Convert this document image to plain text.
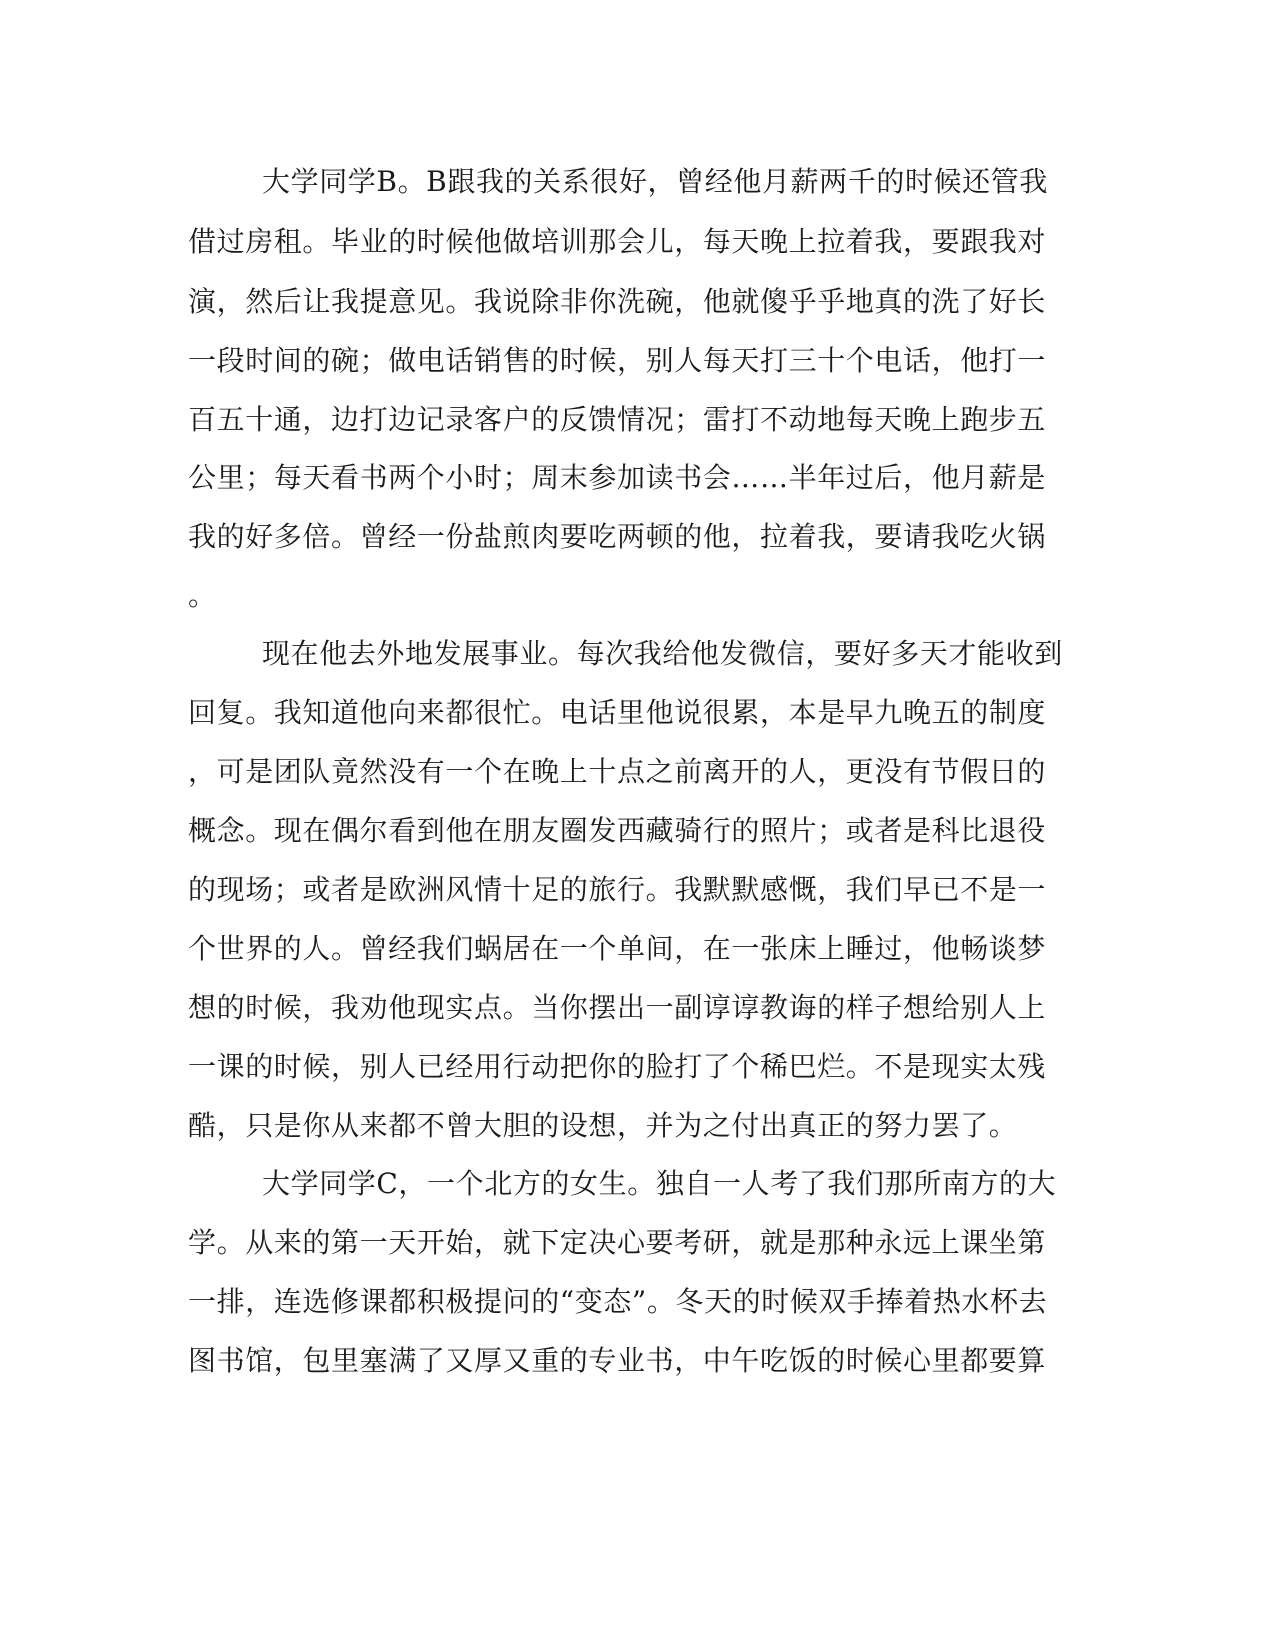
大学同学B。B跟我的关系很好，曾经他月薪两千的时候还管我
借过房租。毕业的时候他做培训那会儿，每天晚上拉着我，要跟我对
演，然后让我提意见。我说除非你洗碗，他就傻乎乎地真的洗了好长
一段时间的碗；做电话销售的时候，别人每天打三十个电话，他打一
百五十通，边打边记录客户的反馈情况；雷打不动地每天晚上跑步五
公里；每天看书两个小时；周末参加读书会……半年过后，他月薪是
我的好多倍。曾经一份盐煎肉要吃两顿的他，拉着我，要请我吃火锅
。
现在他去外地发展事业。每次我给他发微信，要好多天才能收到
回复。我知道他向来都很忙。电话里他说很累，本是早九晚五的制度
，可是团队竟然没有一个在晚上十点之前离开的人，更没有节假日的
概念。现在偶尔看到他在朋友圈发西藏骑行的照片；或者是科比退役
的现场；或者是欧洲风情十足的旅行。我默默感慨，我们早已不是一
个世界的人。曾经我们蜗居在一个单间，在一张床上睡过，他畅谈梦
想的时候，我劝他现实点。当你摆出一副谆谆教诲的样子想给别人上
一课的时候，别人已经用行动把你的脸打了个稀巴烂。不是现实太残
酷，只是你从来都不曾大胆的设想，并为之付出真正的努力罢了。
大学同学C，一个北方的女生。独自一人考了我们那所南方的大
学。从来的第一天开始，就下定决心要考研，就是那种永远上课坐第
一排，连选修课都积极提问的“变态”。冬天的时候双手捧着热水杯去
图书馆，包里塞满了又厚又重的专业书，中午吃饭的时候心里都要算
